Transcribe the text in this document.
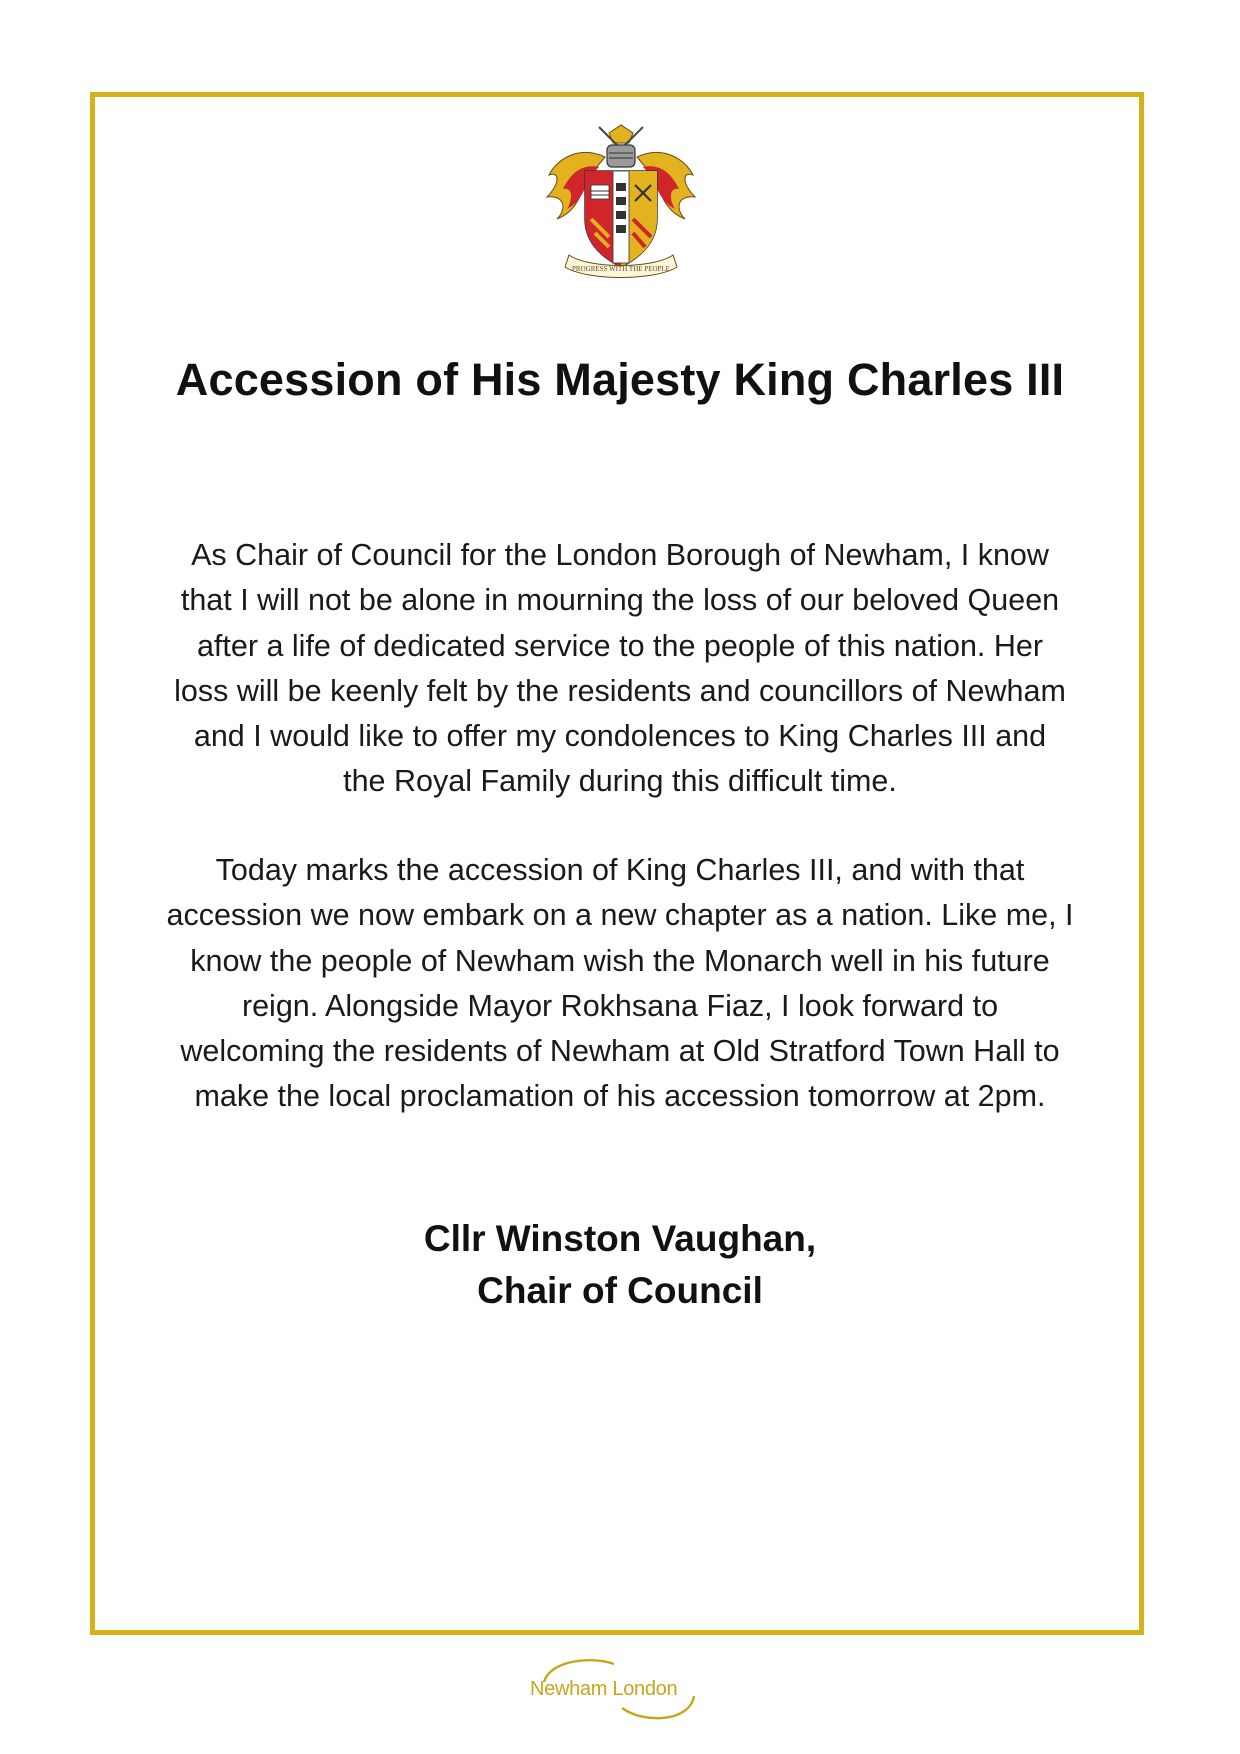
PROGRESS WITH THE PEOPLE
Accession of His Majesty King Charles III

As Chair of Council for the London Borough of Newham, I know
that I will not be alone in mourning the loss of our beloved Queen
after a life of dedicated service to the people of this nation. Her
loss will be keenly felt by the residents and councillors of Newham
and I would like to offer my condolences to King Charles III and
the Royal Family during this difficult time.

Today marks the accession of King Charles III, and with that
accession we now embark on a new chapter as a nation. Like me, I
know the people of Newham wish the Monarch well in his future
reign. Alongside Mayor Rokhsana Fiaz, I look forward to
welcoming the residents of Newham at Old Stratford Town Hall to
make the local proclamation of his accession tomorrow at 2pm.

Cllr Winston Vaughan,
Chair of Council
Newham London
